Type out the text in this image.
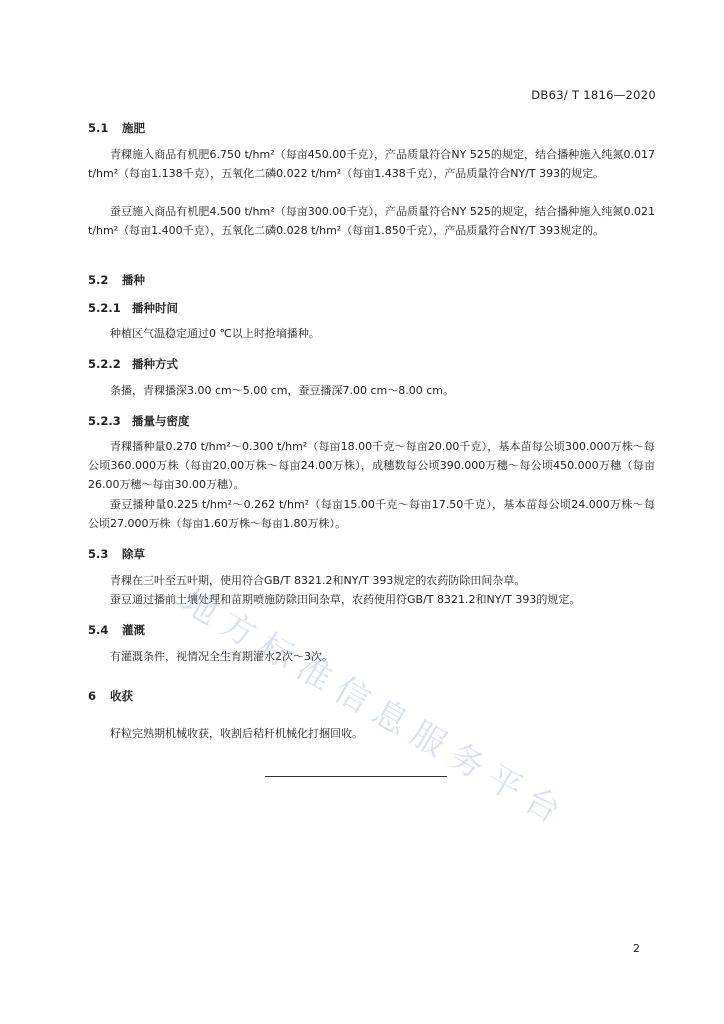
DB63/ T 1816—2020
5.1 施肥
青稞施入商品有机肥6.750 t/hm²（每亩450.00千克），产品质量符合NY 525的规定，结合播种施入纯氮0.017 t/hm²（每亩1.138千克），五氧化二磷0.022 t/hm²（每亩1.438千克），产品质量符合NY/T 393的规定。
蚕豆施入商品有机肥4.500 t/hm²（每亩300.00千克），产品质量符合NY 525的规定，结合播种施入纯氮0.021 t/hm²（每亩1.400千克），五氧化二磷0.028 t/hm²（每亩1.850千克），产品质量符合NY/T 393规定的。
5.2 播种
5.2.1 播种时间
种植区气温稳定通过0 ℃以上时抢墒播种。
5.2.2 播种方式
条播，青稞播深3.00 cm～5.00 cm，蚕豆播深7.00 cm～8.00 cm。
5.2.3 播量与密度
青稞播种量0.270 t/hm²～0.300 t/hm²（每亩18.00千克～每亩20.00千克），基本苗每公顷300.000万株～每公顷360.000万株（每亩20.00万株～每亩24.00万株），成穗数每公顷390.000万穗～每公顷450.000万穗（每亩26.00万穗～每亩30.00万穗）。
蚕豆播种量0.225 t/hm²～0.262 t/hm²（每亩15.00千克～每亩17.50千克），基本苗每公顷24.000万株～每公顷27.000万株（每亩1.60万株～每亩1.80万株）。
5.3 除草
青稞在三叶至五叶期，使用符合GB/T 8321.2和NY/T 393规定的农药防除田间杂草。
蚕豆通过播前土壤处理和苗期喷施防除田间杂草，农药使用符GB/T 8321.2和NY/T 393的规定。
5.4 灌溉
有灌溉条件，视情况全生育期灌水2次～3次。
6 收获
籽粒完熟期机械收获，收割后秸秆机械化打捆回收。
地
方
标
准
信
息
服
务
平
台
2
